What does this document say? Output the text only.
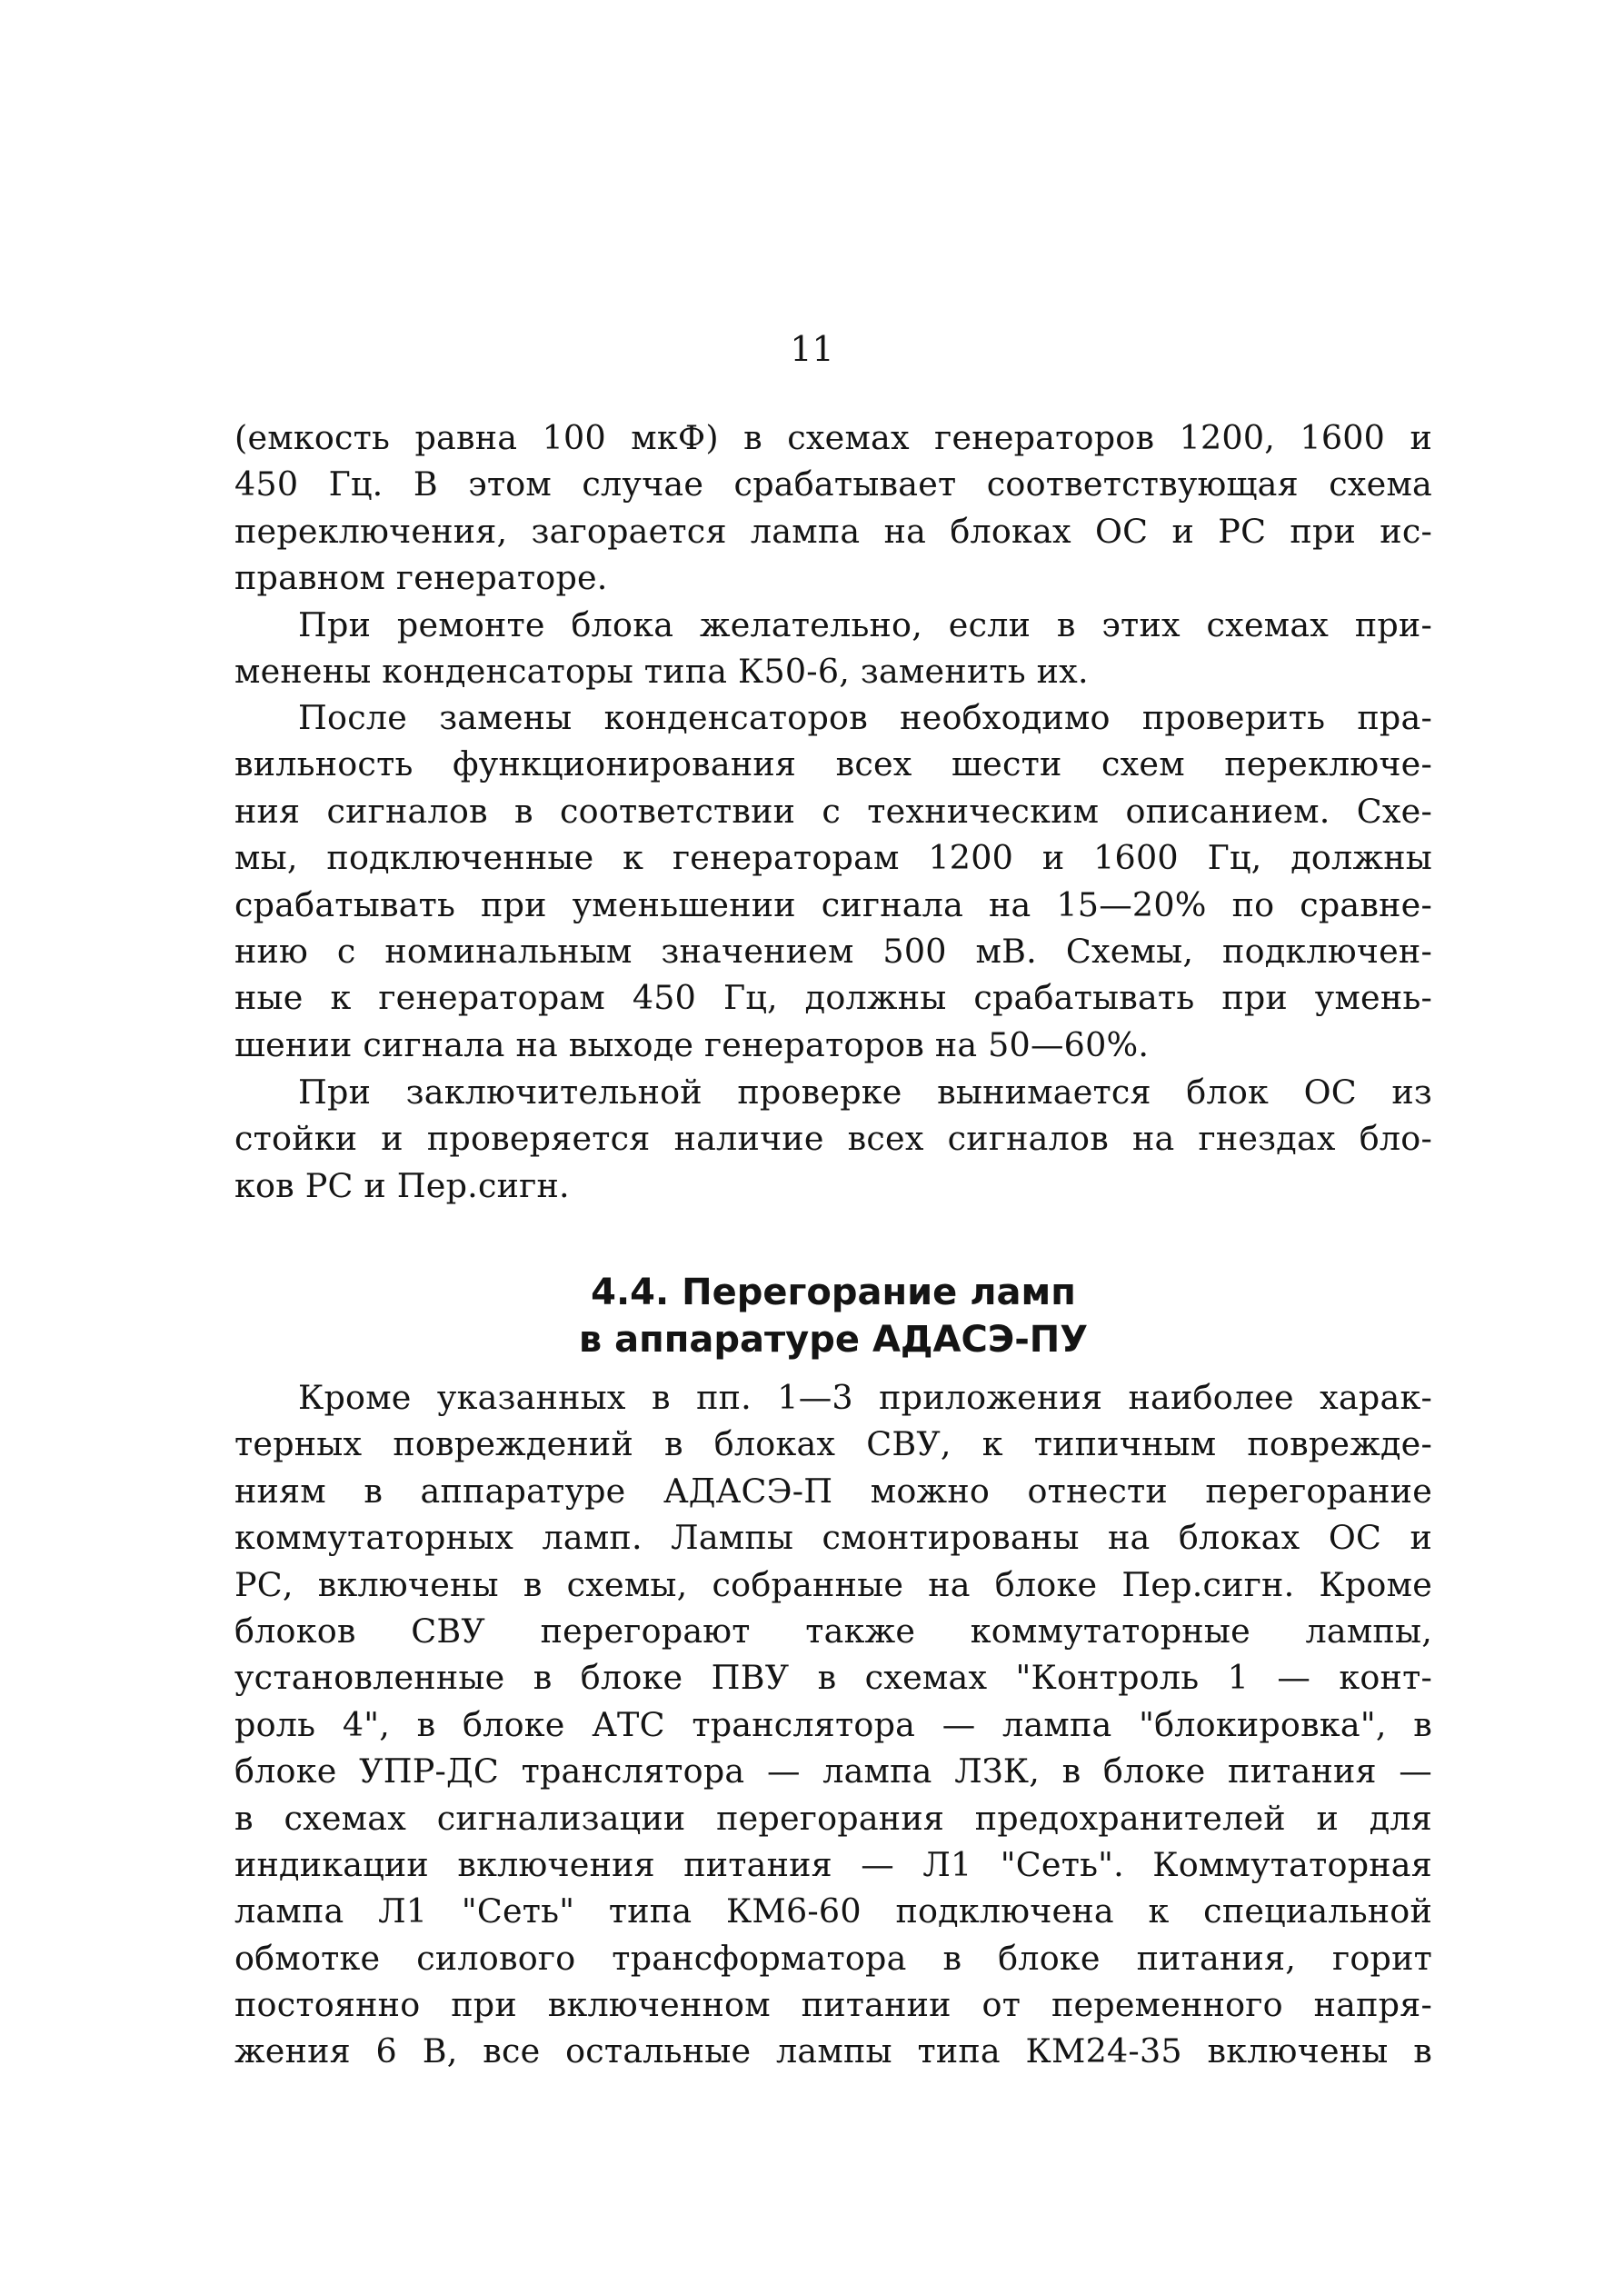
11
(емкость равна 100 мкФ) в схемах генераторов 1200, 1600 и
450 Гц. В этом случае срабатывает соответствующая схема
переключения, загорается лампа на блоках ОС и РС при ис-
правном генераторе.
При ремонте блока желательно, если в этих схемах при-
менены конденсаторы типа К50-6, заменить их.
После замены конденсаторов необходимо проверить пра-
вильность функционирования всех шести схем переключе-
ния сигналов в соответствии с техническим описанием. Схе-
мы, подключенные к генераторам 1200 и 1600 Гц, должны
срабатывать при уменьшении сигнала на 15—20% по сравне-
нию с номинальным значением 500 мВ. Схемы, подключен-
ные к генераторам 450 Гц, должны срабатывать при умень-
шении сигнала на выходе генераторов на 50—60%.
При заключительной проверке вынимается блок ОС из
стойки и проверяется наличие всех сигналов на гнездах бло-
ков РС и Пер.сигн.
4.4. Перегорание ламп
в аппаратуре АДАСЭ-ПУ
Кроме указанных в пп. 1—3 приложения наиболее харак-
терных повреждений в блоках СВУ, к типичным поврежде-
ниям в аппаратуре АДАСЭ-П можно отнести перегорание
коммутаторных ламп. Лампы смонтированы на блоках ОС и
РС, включены в схемы, собранные на блоке Пер.сигн. Кроме
блоков СВУ перегорают также коммутаторные лампы,
установленные в блоке ПВУ в схемах "Контроль 1 — конт-
роль 4", в блоке АТС транслятора — лампа "блокировка", в
блоке УПР-ДС транслятора — лампа ЛЗК, в блоке питания —
в схемах сигнализации перегорания предохранителей и для
индикации включения питания — Л1 "Сеть". Коммутаторная
лампа Л1 "Сеть" типа КМ6-60 подключена к специальной
обмотке силового трансформатора в блоке питания, горит
постоянно при включенном питании от переменного напря-
жения 6 В, все остальные лампы типа КМ24-35 включены в
